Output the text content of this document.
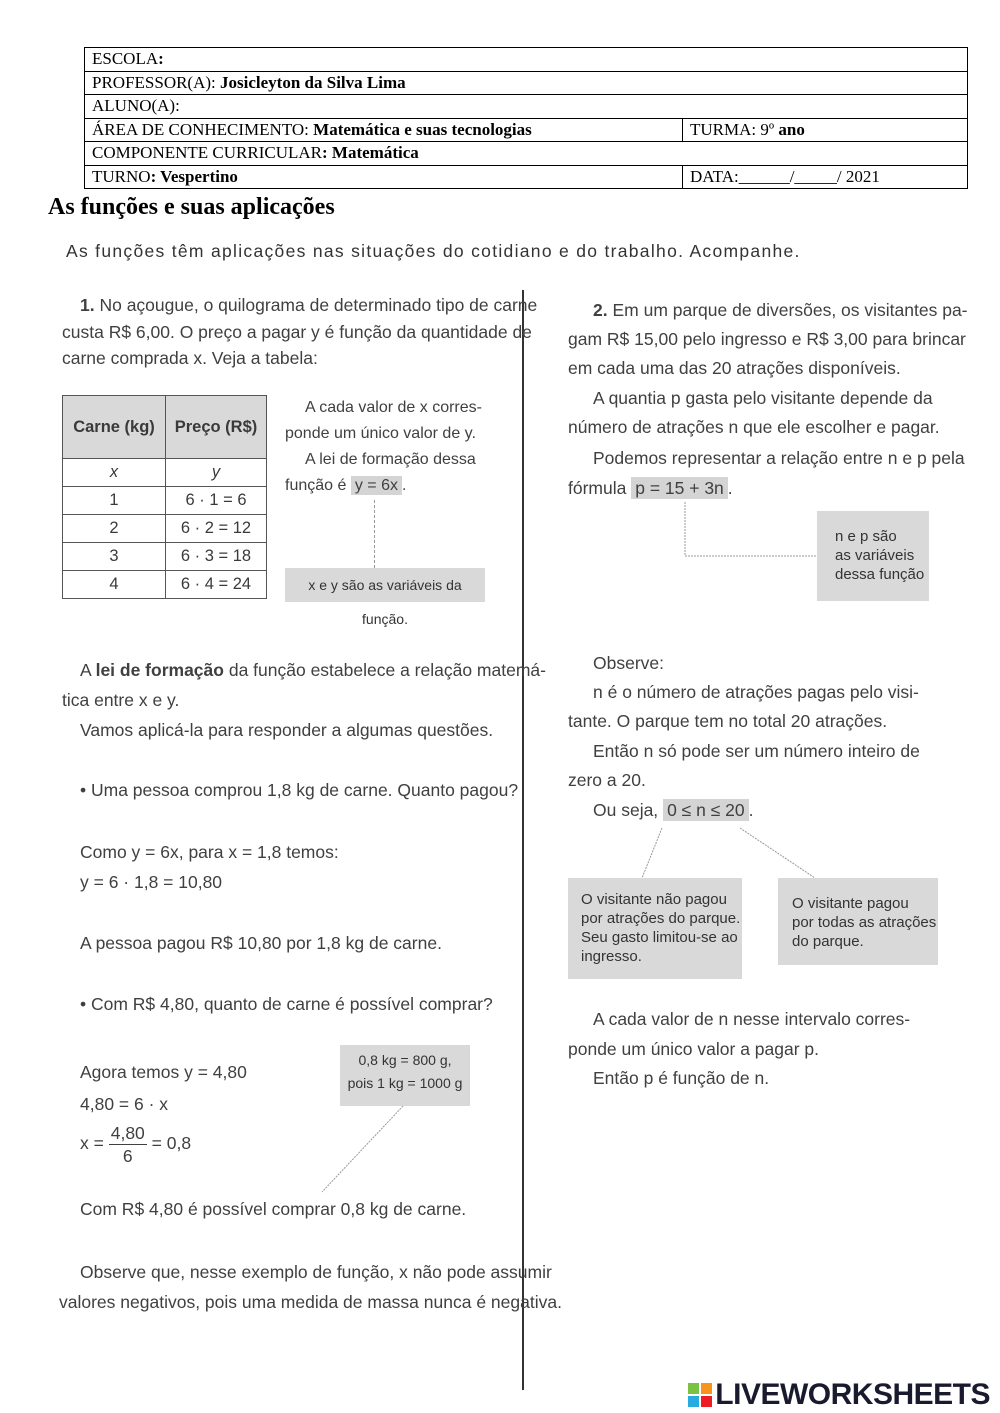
ESCOLA:	
PROFESSOR(A): Josicleyton da Silva Lima	
ALUNO(A):	
ÁREA DE CONHECIMENTO: Matemática e suas tecnologias	TURMA: 9º ano
COMPONENTE CURRICULAR: Matemática	
TURNO: Vespertino	DATA:______/_____/ 2021
As funções e suas aplicações
As funções têm aplicações nas situações do cotidiano e do trabalho. Acompanhe.
1. No açougue, o quilograma de determinado tipo de carne
custa R$ 6,00. O preço a pagar y é função da quantidade de
carne comprada x. Veja a tabela:
Carne (kg)	Preço (R$)
x	y
1	6 · 1 = 6
2	6 · 2 = 12
3	6 · 3 = 18
4	6 · 4 = 24
A cada valor de x corres-
ponde um único valor de y.
A lei de formação dessa
função é y = 6x .
x e y são as variáveis da função.
A lei de formação da função estabelece a relação matemá-
tica entre x e y.
Vamos aplicá-la para responder a algumas questões.
• Uma pessoa comprou 1,8 kg de carne. Quanto pagou?
Como y = 6x, para x = 1,8 temos:
y = 6 · 1,8 = 10,80
A pessoa pagou R$ 10,80 por 1,8 kg de carne.
• Com R$ 4,80, quanto de carne é possível comprar?
Agora temos y = 4,80
4,80 = 6 · x
$x = \frac{4,80}{6} = 0,8$
0,8 kg = 800 g,
pois 1 kg = 1000 g
Com R$ 4,80 é possível comprar 0,8 kg de carne.
Observe que, nesse exemplo de função, x não pode assumir
valores negativos, pois uma medida de massa nunca é negativa.
2. Em um parque de diversões, os visitantes pa-
gam R$ 15,00 pelo ingresso e R$ 3,00 para brincar
em cada uma das 20 atrações disponíveis.
A quantia p gasta pelo visitante depende da
número de atrações n que ele escolher e pagar.
Podemos representar a relação entre n e p pela
fórmula p = 15 + 3n .
n e p são
as variáveis
dessa função
Observe:
n é o número de atrações pagas pelo visi-
tante. O parque tem no total 20 atrações.
Então n só pode ser um número inteiro de
zero a 20.
Ou seja, 0 ≤ n ≤ 20 .
O visitante não pagou
por atrações do parque.
Seu gasto limitou-se ao
ingresso.
O visitante pagou
por todas as atrações
do parque.
A cada valor de n nesse intervalo corres-
ponde um único valor a pagar p.
Então p é função de n.
LIVEWORKSHEETS
